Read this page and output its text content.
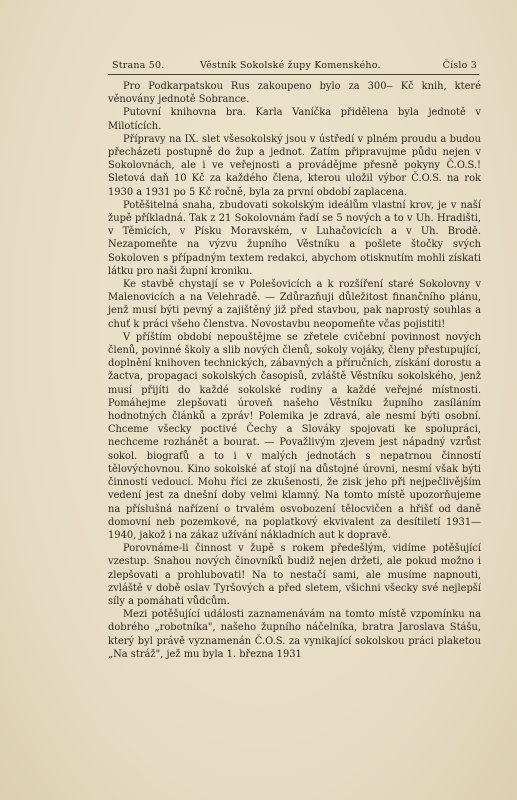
Strana 50.	Věstník Sokolské župy Komenského.	Číslo 3

Pro Podkarpatskou Rus zakoupeno bylo za 300‒ Kč knih, které věnovány jednotě Sobrance.

Putovní knihovna bra. Karla Vaníčka přidělena byla jednotě v Milotících.

Přípravy na IX. slet všesokolský jsou v ústředí v plném proudu a budou přecházeti postupně do žup a jednot. Zatím připravujme půdu nejen v Sokolovnách, ale i ve veřejnosti a provádějme přesně pokyny Č.O.S.! Sletová daň 10 Kč za každého člena, kterou uložil výbor Č.O.S. na rok 1930 a 1931 po 5 Kč ročně, byla za první období zaplacena.

Potěšitelná snaha, zbudovati sokolským ideálům vlastní krov, je v naší župě příkladná. Tak z 21 Sokolovnám řadí se 5 nových a to v Uh. Hradišti, v Těmicích, v Písku Moravském, v Luhačovicích a v Uh. Brodě. Nezapomeňte na výzvu župního Věstníku a pošlete štočky svých Sokoloven s případným textem redakci, abychom otisknutím mohli získati látku pro naši župní kroniku.

Ke stavbě chystají se v Polešovicích a k rozšíření staré Sokolovny v Malenovicích a na Velehradě. — Zdůrazňuji důležitost finančního plánu, jenž musí býti pevný a zajištěný již před stavbou, pak naprostý souhlas a chuť k práci všeho členstva. Novostavbu neopomeňte včas pojistiti!

V příštím období nepouštějme se zřetele cvičební povinnost nových členů, povinné školy a slib nových členů, sokoly vojáky, členy přestupující, doplnění knihoven technických, zábavných a příručních, získání dorostu a žactva, propagaci sokolských časopisů, zvláště Věstníku sokolského, jenž musí přijíti do každé sokolské rodiny a každé veřejné místnosti. Pomáhejme zlepšovati úroveň našeho Věstníku župního zasíláním hodnotných článků a zpráv! Polemika je zdravá, ale nesmí býti osobní. Chceme všecky poctivé Čechy a Slováky spojovati ke spolupráci, nechceme rozhánět a bourat. — Považlivým zjevem jest nápadný vzrůst sokol. biografů a to i v malých jednotách s nepatrnou činností tělovýchovnou. Kino sokolské ať stojí na důstojné úrovni, nesmí však býti činností vedoucí. Mohu říci ze zkušenosti, že zisk jeho při nejpečlivějším vedení jest za dnešní doby velmi klamný. Na tomto místě upozorňujeme na příslušná nařízení o trvalém osvobození tělocvičen a hřišť od daně domovní neb pozemkové, na poplatkový ekvivalent za desítiletí 1931—1940, jakož i na zákaz užívání nákladních aut k dopravě.

Porovnáme-li činnost v župě s rokem předešlým, vidíme potěšující vzestup. Snahou nových činovníků budiž nejen držeti, ale pokud možno i zlepšovati a prohlubovati! Na to nestačí sami, ale musíme napnouti, zvláště v době oslav Tyršových a před sletem, všichni všecky své nejlepší síly a pomáhati vůdcům.

Mezi potěšující události zaznamenávám na tomto místě vzpomínku na dobrého „robotníka", našeho župního náčelníka, bratra Jaroslava Stášu, který byl právě vyznamenán Č.O.S. za vynikající sokolskou práci plaketou „Na stráž", jež mu byla 1. března 1931
